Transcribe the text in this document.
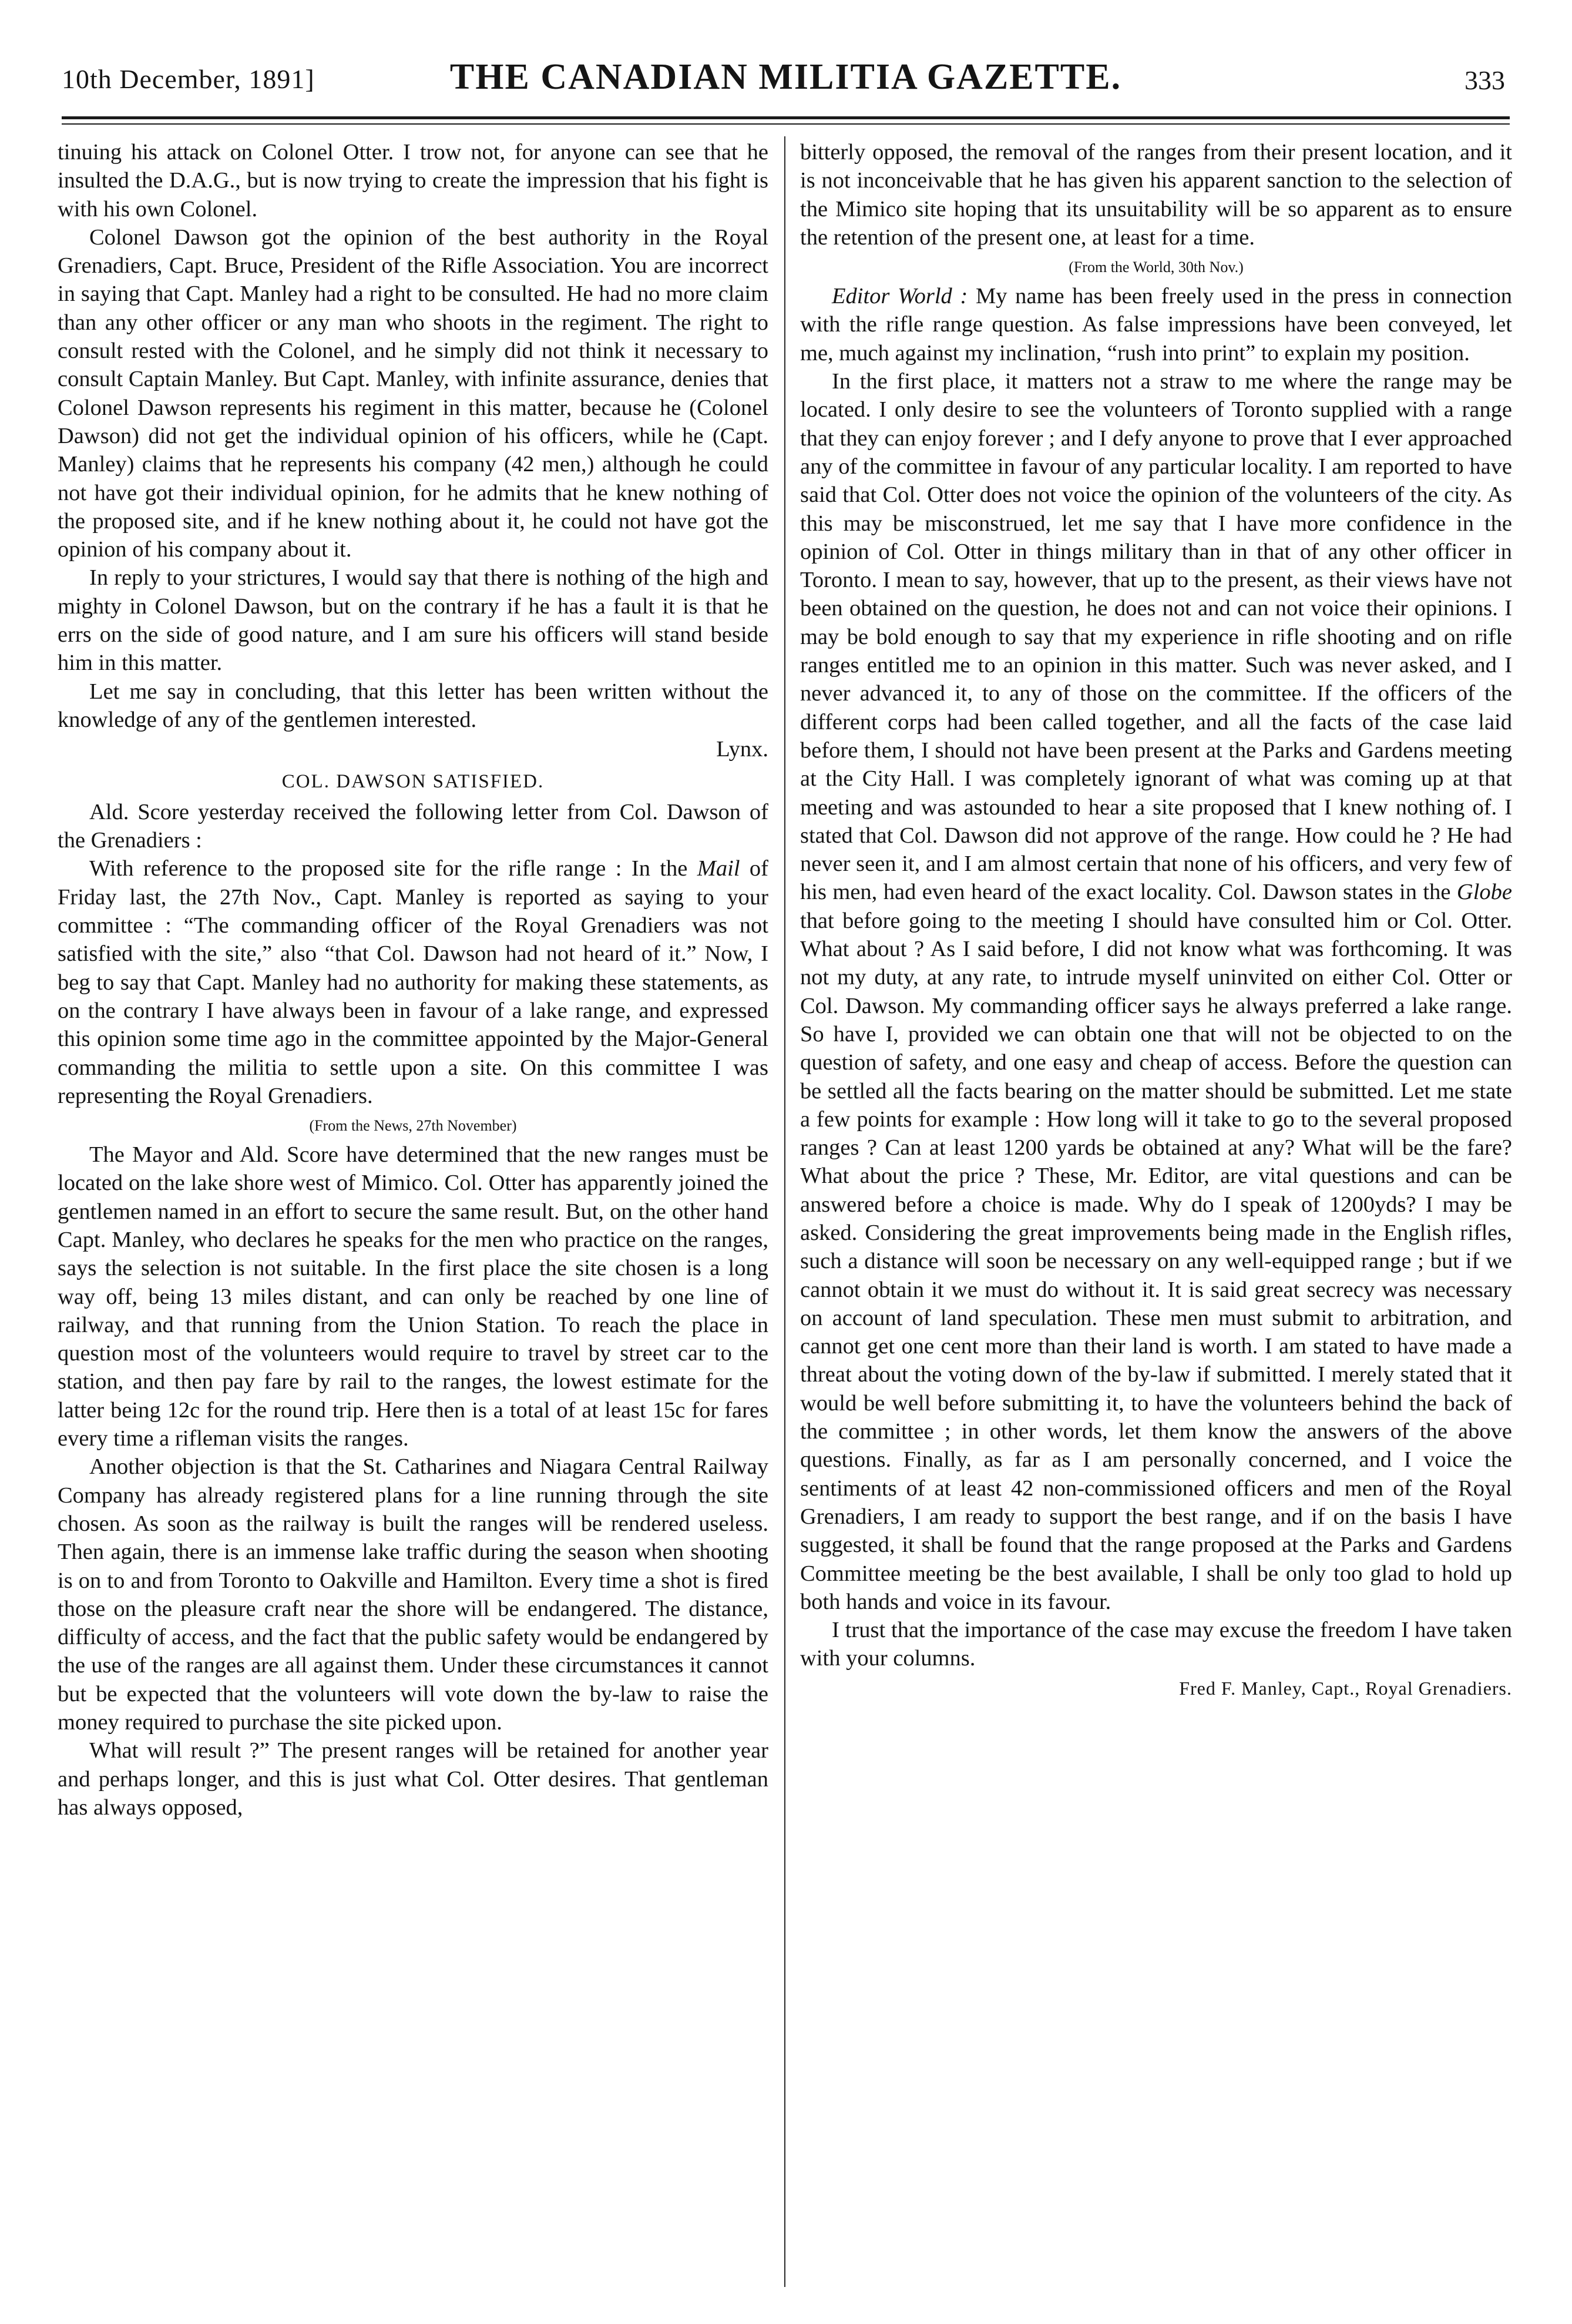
10th December, 1891]	THE CANADIAN MILITIA GAZETTE.	333

tinuing his attack on Colonel Otter. I trow not, for anyone can see that he insulted the D.A.G., but is now trying to create the impression that his fight is with his own Colonel.

Colonel Dawson got the opinion of the best authority in the Royal Grenadiers, Capt. Bruce, President of the Rifle Association. You are incorrect in saying that Capt. Manley had a right to be consulted. He had no more claim than any other officer or any man who shoots in the regiment. The right to consult rested with the Colonel, and he simply did not think it necessary to consult Captain Manley. But Capt. Manley, with infinite assurance, denies that Colonel Dawson represents his regiment in this matter, because he (Colonel Dawson) did not get the individual opinion of his officers, while he (Capt. Manley) claims that he represents his company (42 men,) although he could not have got their individual opinion, for he admits that he knew nothing of the proposed site, and if he knew nothing about it, he could not have got the opinion of his company about it.

In reply to your strictures, I would say that there is nothing of the high and mighty in Colonel Dawson, but on the contrary if he has a fault it is that he errs on the side of good nature, and I am sure his officers will stand beside him in this matter.

Let me say in concluding, that this letter has been written without the knowledge of any of the gentlemen interested.

Lynx.

COL. DAWSON SATISFIED.

Ald. Score yesterday received the following letter from Col. Dawson of the Grenadiers :

With reference to the proposed site for the rifle range : In the Mail of Friday last, the 27th Nov., Capt. Manley is reported as saying to your committee : “The commanding officer of the Royal Grenadiers was not satisfied with the site,” also “that Col. Dawson had not heard of it.” Now, I beg to say that Capt. Manley had no authority for making these statements, as on the contrary I have always been in favour of a lake range, and expressed this opinion some time ago in the committee appointed by the Major-General commanding the militia to settle upon a site. On this committee I was representing the Royal Grenadiers.

(From the News, 27th November)

The Mayor and Ald. Score have determined that the new ranges must be located on the lake shore west of Mimico. Col. Otter has apparently joined the gentlemen named in an effort to secure the same result. But, on the other hand Capt. Manley, who declares he speaks for the men who practice on the ranges, says the selection is not suitable. In the first place the site chosen is a long way off, being 13 miles distant, and can only be reached by one line of railway, and that running from the Union Station. To reach the place in question most of the volunteers would require to travel by street car to the station, and then pay fare by rail to the ranges, the lowest estimate for the latter being 12c for the round trip. Here then is a total of at least 15c for fares every time a rifleman visits the ranges.

Another objection is that the St. Catharines and Niagara Central Railway Company has already registered plans for a line running through the site chosen. As soon as the railway is built the ranges will be rendered useless. Then again, there is an immense lake traffic during the season when shooting is on to and from Toronto to Oakville and Hamilton. Every time a shot is fired those on the pleasure craft near the shore will be endangered. The distance, difficulty of access, and the fact that the public safety would be endangered by the use of the ranges are all against them. Under these circumstances it cannot but be expected that the volunteers will vote down the by-law to raise the money required to purchase the site picked upon.

What will result ?” The present ranges will be retained for another year and perhaps longer, and this is just what Col. Otter desires. That gentleman has always opposed,

bitterly opposed, the removal of the ranges from their present location, and it is not inconceivable that he has given his apparent sanction to the selection of the Mimico site hoping that its unsuitability will be so apparent as to ensure the retention of the present one, at least for a time.

(From the World, 30th Nov.)

Editor World : My name has been freely used in the press in connection with the rifle range question. As false impressions have been conveyed, let me, much against my inclination, “rush into print” to explain my position.

In the first place, it matters not a straw to me where the range may be located. I only desire to see the volunteers of Toronto supplied with a range that they can enjoy forever ; and I defy anyone to prove that I ever approached any of the committee in favour of any particular locality. I am reported to have said that Col. Otter does not voice the opinion of the volunteers of the city. As this may be misconstrued, let me say that I have more confidence in the opinion of Col. Otter in things military than in that of any other officer in Toronto. I mean to say, however, that up to the present, as their views have not been obtained on the question, he does not and can not voice their opinions. I may be bold enough to say that my experience in rifle shooting and on rifle ranges entitled me to an opinion in this matter. Such was never asked, and I never advanced it, to any of those on the committee. If the officers of the different corps had been called together, and all the facts of the case laid before them, I should not have been present at the Parks and Gardens meeting at the City Hall. I was completely ignorant of what was coming up at that meeting and was astounded to hear a site proposed that I knew nothing of. I stated that Col. Dawson did not approve of the range. How could he ? He had never seen it, and I am almost certain that none of his officers, and very few of his men, had even heard of the exact locality. Col. Dawson states in the Globe that before going to the meeting I should have consulted him or Col. Otter. What about ? As I said before, I did not know what was forthcoming. It was not my duty, at any rate, to intrude myself uninvited on either Col. Otter or Col. Dawson. My commanding officer says he always preferred a lake range. So have I, provided we can obtain one that will not be objected to on the question of safety, and one easy and cheap of access. Before the question can be settled all the facts bearing on the matter should be submitted. Let me state a few points for example : How long will it take to go to the several proposed ranges ? Can at least 1200 yards be obtained at any? What will be the fare? What about the price ? These, Mr. Editor, are vital questions and can be answered before a choice is made. Why do I speak of 1200yds? I may be asked. Considering the great improvements being made in the English rifles, such a distance will soon be necessary on any well-equipped range ; but if we cannot obtain it we must do without it. It is said great secrecy was necessary on account of land speculation. These men must submit to arbitration, and cannot get one cent more than their land is worth. I am stated to have made a threat about the voting down of the by-law if submitted. I merely stated that it would be well before submitting it, to have the volunteers behind the back of the committee ; in other words, let them know the answers of the above questions. Finally, as far as I am personally concerned, and I voice the sentiments of at least 42 non-commissioned officers and men of the Royal Grenadiers, I am ready to support the best range, and if on the basis I have suggested, it shall be found that the range proposed at the Parks and Gardens Committee meeting be the best available, I shall be only too glad to hold up both hands and voice in its favour.

I trust that the importance of the case may excuse the freedom I have taken with your columns.

Fred F. Manley, Capt., Royal Grenadiers.
